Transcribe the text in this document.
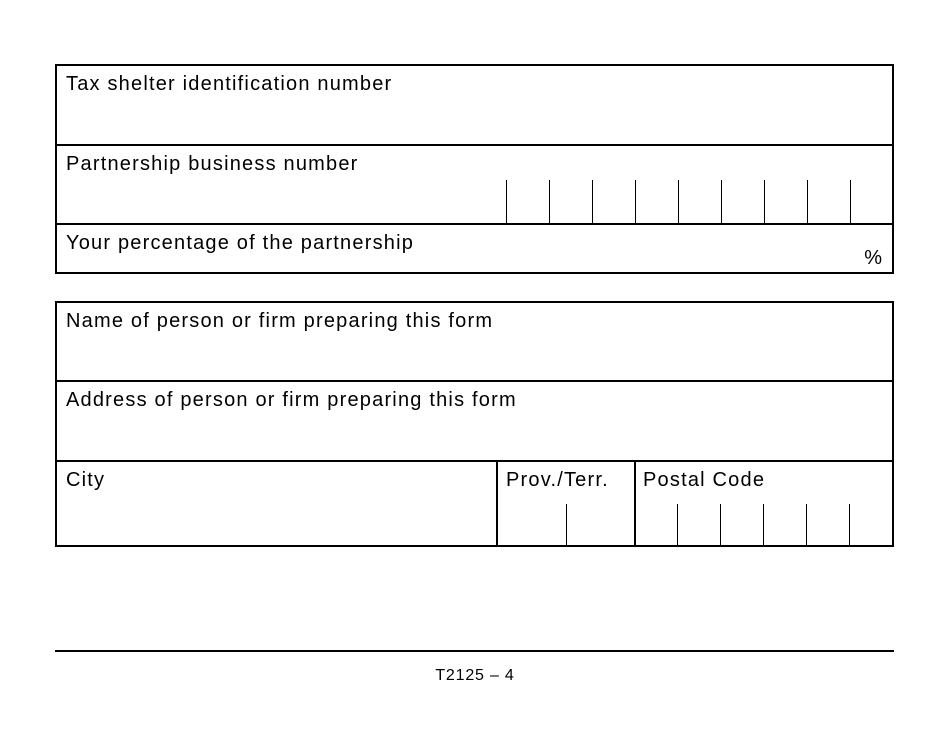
Tax shelter identification number
Partnership business number
Your percentage of the partnership
%
Name of person or firm preparing this form
Address of person or firm preparing this form
City	Prov./Terr. Postal Code
T2125 – 4
